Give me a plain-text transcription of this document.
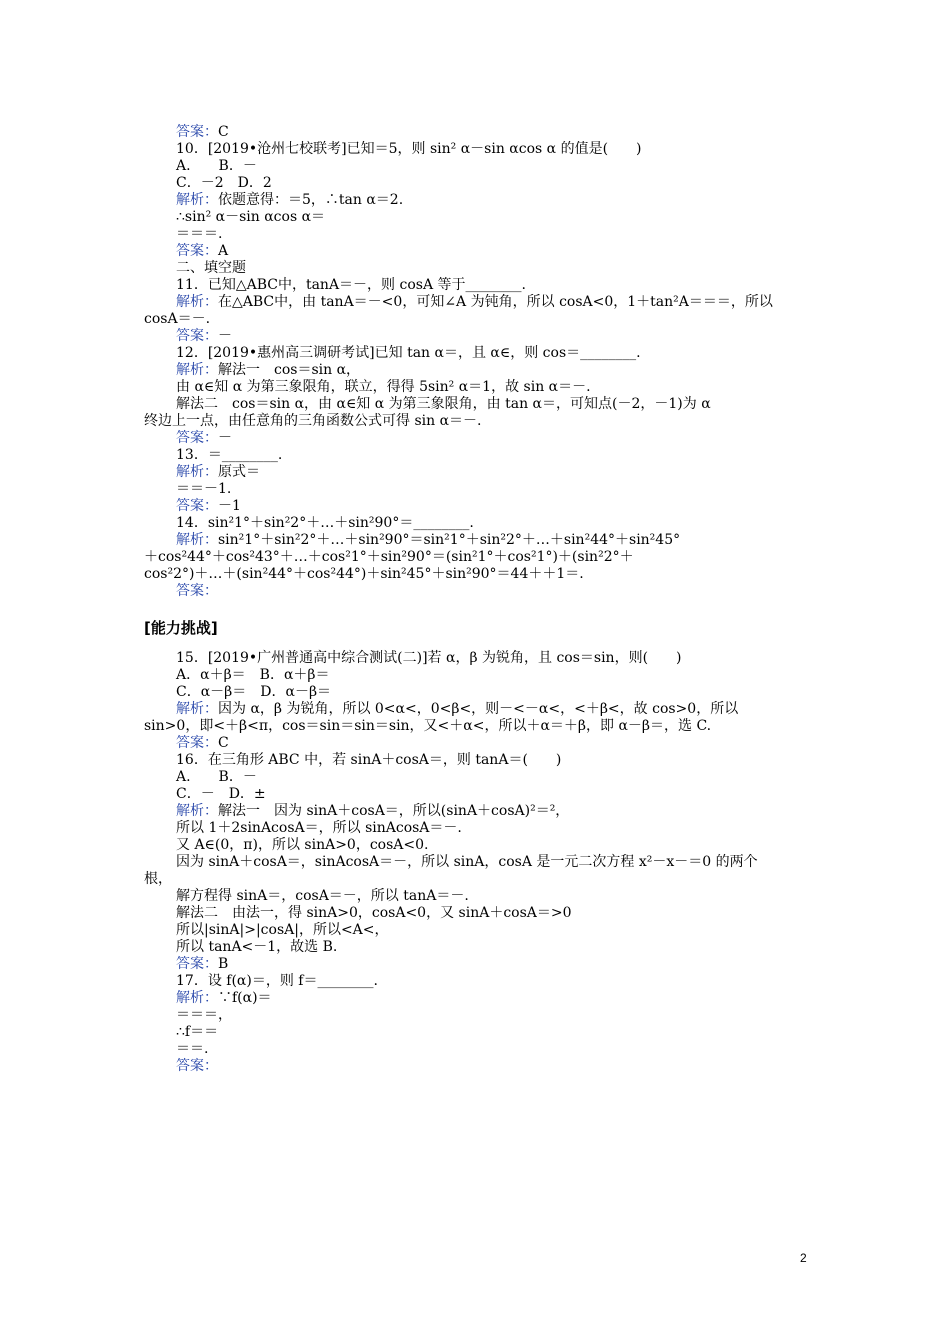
答案：C
10．[2019•沧州七校联考]已知＝5，则 sin² α－sin αcos α 的值是(　　)
A.　　B．－
C．－2　D．2
解析：依题意得：＝5，∴tan α＝2.
∴sin² α－sin αcos α＝
＝＝＝.
答案：A
二、填空题
11．已知△ABC中，tanA＝－，则 cosA 等于________.
解析：在△ABC中，由 tanA＝－<0，可知∠A 为钝角，所以 cosA<0，1＋tan²A＝＝＝，所以
cosA＝－.
答案：－
12．[2019•惠州高三调研考试]已知 tan α＝，且 α∈，则 cos＝________.
解析：解法一　cos＝sin α，
由 α∈知 α 为第三象限角，联立，得得 5sin² α＝1，故 sin α＝－.
解法二　cos＝sin α，由 α∈知 α 为第三象限角，由 tan α＝，可知点(－2，－1)为 α
终边上一点，由任意角的三角函数公式可得 sin α＝－.
答案：－
13．＝________.
解析：原式＝
＝＝－1.
答案：－1
14．sin²1°＋sin²2°＋…＋sin²90°＝________.
解析：sin²1°＋sin²2°＋…＋sin²90°＝sin²1°＋sin²2°＋…＋sin²44°＋sin²45°
＋cos²44°＋cos²43°＋…＋cos²1°＋sin²90°＝(sin²1°＋cos²1°)＋(sin²2°＋
cos²2°)＋…＋(sin²44°＋cos²44°)＋sin²45°＋sin²90°＝44＋＋1＝.
答案：
[能力挑战]
15．[2019•广州普通高中综合测试(二)]若 α，β 为锐角，且 cos＝sin，则(　　)
A．α＋β＝　B．α＋β＝
C．α－β＝　D．α－β＝
解析：因为 α，β 为锐角，所以 0<α<，0<β<，则－<－α<，<＋β<，故 cos>0，所以
sin>0，即<＋β<π，cos＝sin＝sin＝sin，又<＋α<，所以＋α＝＋β，即 α－β＝，选 C.
答案：C
16．在三角形 ABC 中，若 sinA＋cosA＝，则 tanA＝(　　)
A.　　B．－
C．－　D．±
解析：解法一　因为 sinA＋cosA＝，所以(sinA＋cosA)²＝²，
所以 1＋2sinAcosA＝，所以 sinAcosA＝－.
又 A∈(0，π)，所以 sinA>0，cosA<0.
因为 sinA＋cosA＝，sinAcosA＝－，所以 sinA，cosA 是一元二次方程 x²－x－＝0 的两个
根，
解方程得 sinA＝，cosA＝－，所以 tanA＝－.
解法二　由法一，得 sinA>0，cosA<0，又 sinA＋cosA＝>0
所以|sinA|>|cosA|，所以<A<，
所以 tanA<－1，故选 B.
答案：B
17．设 f(α)＝，则 f＝________.
解析：∵f(α)＝
＝＝＝，
∴f＝＝
＝＝.
答案：
2
